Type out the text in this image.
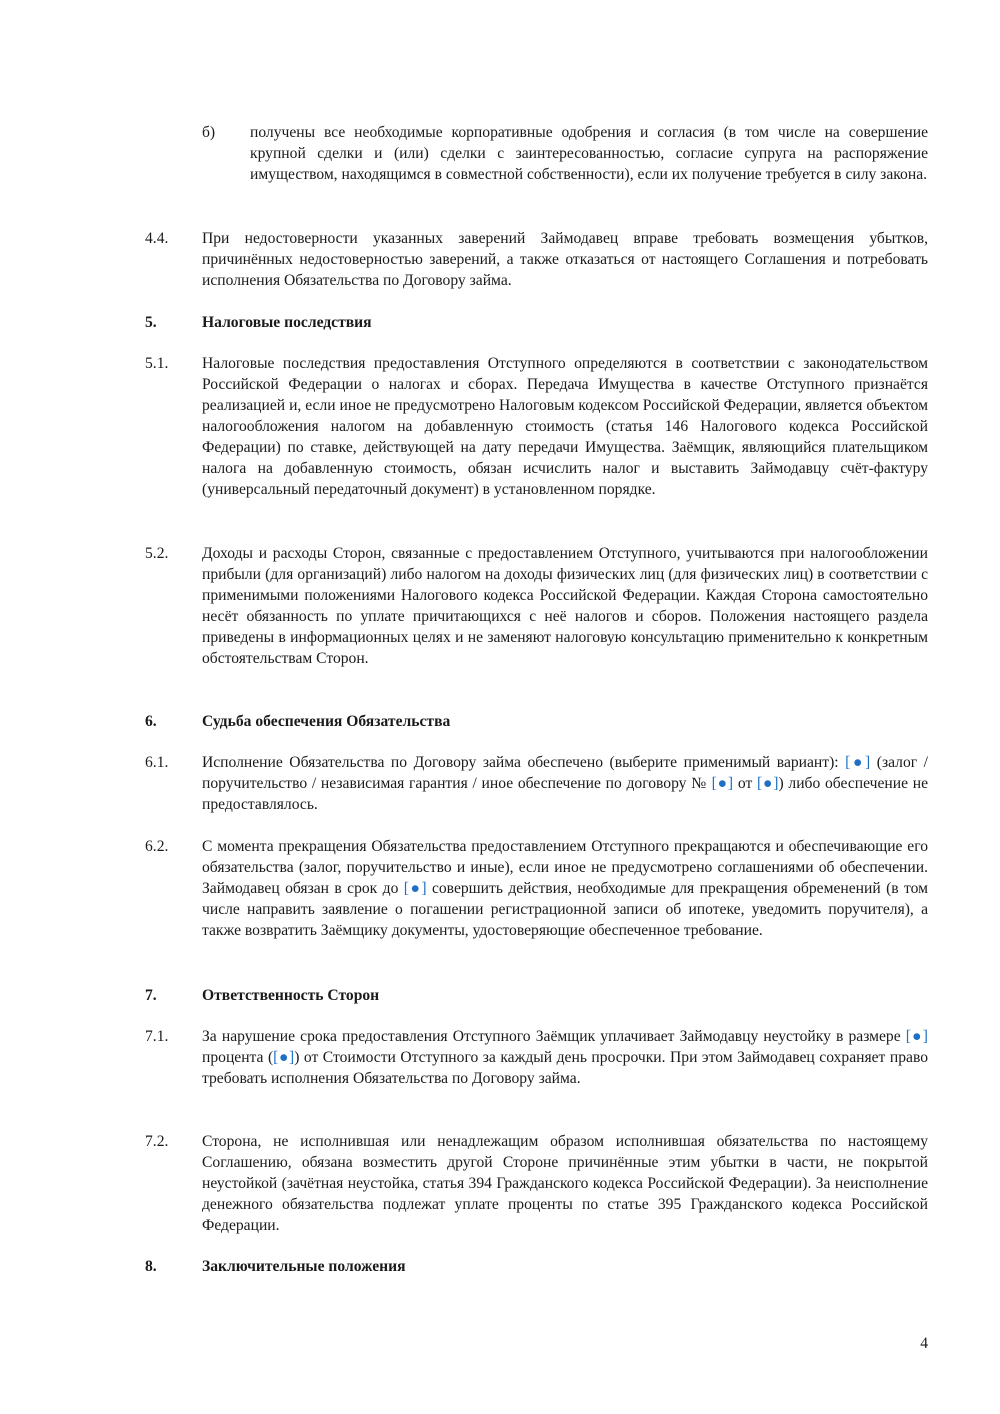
б)	получены все необходимые корпоративные одобрения и согласия (в том числе на совершение крупной сделки и (или) сделки с заинтересованностью, согласие супруга на распоряжение имуществом, находящимся в совместной собственности), если их получение требуется в силу закона.
4.4.	При недостоверности указанных заверений Займодавец вправе требовать возмещения убытков, причинённых недостоверностью заверений, а также отказаться от настоящего Соглашения и потребовать исполнения Обязательства по Договору займа.
5.	Налоговые последствия
5.1.	Налоговые последствия предоставления Отступного определяются в соответствии с законодательством Российской Федерации о налогах и сборах. Передача Имущества в качестве Отступного признаётся реализацией и, если иное не предусмотрено Налоговым кодексом Российской Федерации, является объектом налогообложения налогом на добавленную стоимость (статья 146 Налогового кодекса Российской Федерации) по ставке, действующей на дату передачи Имущества. Заёмщик, являющийся плательщиком налога на добавленную стоимость, обязан исчислить налог и выставить Займодавцу счёт-фактуру (универсальный передаточный документ) в установленном порядке.
5.2.	Доходы и расходы Сторон, связанные с предоставлением Отступного, учитываются при налогообложении прибыли (для организаций) либо налогом на доходы физических лиц (для физических лиц) в соответствии с применимыми положениями Налогового кодекса Российской Федерации. Каждая Сторона самостоятельно несёт обязанность по уплате причитающихся с неё налогов и сборов. Положения настоящего раздела приведены в информационных целях и не заменяют налоговую консультацию применительно к конкретным обстоятельствам Сторон.
6.	Судьба обеспечения Обязательства
6.1.	Исполнение Обязательства по Договору займа обеспечено (выберите применимый вариант): [●] (залог / поручительство / независимая гарантия / иное обеспечение по договору № [●] от [●]) либо обеспечение не предоставлялось.
6.2.	С момента прекращения Обязательства предоставлением Отступного прекращаются и обеспечивающие его обязательства (залог, поручительство и иные), если иное не предусмотрено соглашениями об обеспечении. Займодавец обязан в срок до [●] совершить действия, необходимые для прекращения обременений (в том числе направить заявление о погашении регистрационной записи об ипотеке, уведомить поручителя), а также возвратить Заёмщику документы, удостоверяющие обеспеченное требование.
7.	Ответственность Сторон
7.1.	За нарушение срока предоставления Отступного Заёмщик уплачивает Займодавцу неустойку в размере [●] процента ([●]) от Стоимости Отступного за каждый день просрочки. При этом Займодавец сохраняет право требовать исполнения Обязательства по Договору займа.
7.2.	Сторона, не исполнившая или ненадлежащим образом исполнившая обязательства по настоящему Соглашению, обязана возместить другой Стороне причинённые этим убытки в части, не покрытой неустойкой (зачётная неустойка, статья 394 Гражданского кодекса Российской Федерации). За неисполнение денежного обязательства подлежат уплате проценты по статье 395 Гражданского кодекса Российской Федерации.
8.	Заключительные положения
4
